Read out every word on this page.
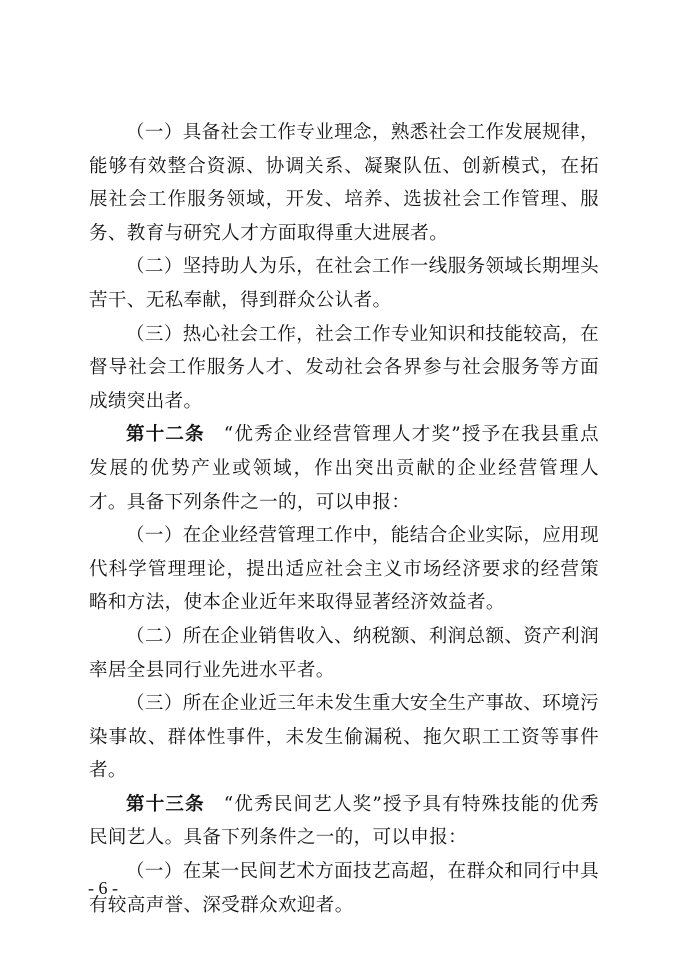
（一）具备社会工作专业理念，熟悉社会工作发展规律，能够有效整合资源、协调关系、凝聚队伍、创新模式，在拓展社会工作服务领域，开发、培养、选拔社会工作管理、服务、教育与研究人才方面取得重大进展者。

（二）坚持助人为乐，在社会工作一线服务领域长期埋头苦干、无私奉献，得到群众公认者。

（三）热心社会工作，社会工作专业知识和技能较高，在督导社会工作服务人才、发动社会各界参与社会服务等方面成绩突出者。

第十二条  “优秀企业经营管理人才奖”授予在我县重点发展的优势产业或领域，作出突出贡献的企业经营管理人才。具备下列条件之一的，可以申报：

（一）在企业经营管理工作中，能结合企业实际，应用现代科学管理理论，提出适应社会主义市场经济要求的经营策略和方法，使本企业近年来取得显著经济效益者。

（二）所在企业销售收入、纳税额、利润总额、资产利润率居全县同行业先进水平者。

（三）所在企业近三年未发生重大安全生产事故、环境污染事故、群体性事件，未发生偷漏税、拖欠职工工资等事件者。

第十三条  “优秀民间艺人奖”授予具有特殊技能的优秀民间艺人。具备下列条件之一的，可以申报：

（一）在某一民间艺术方面技艺高超，在群众和同行中具有较高声誉、深受群众欢迎者。

- 6 -
